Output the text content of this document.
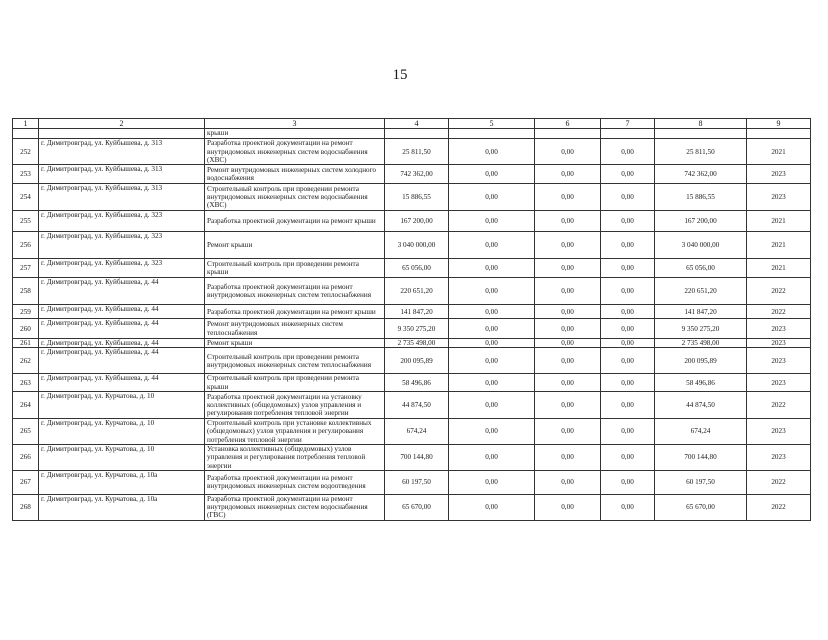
15
1	2	3	4	5	6	7	8	9
		крыши						
252	г. Димитровград, ул. Куйбышева, д. 313	Разработка проектной документации на ремонт внутридомовых инженерных систем водоснабжения (ХВС)	25 811,50	0,00	0,00	0,00	25 811,50	2021
253	г. Димитровград, ул. Куйбышева, д. 313	Ремонт внутридомовых инженерных систем холодного водоснабжения	742 362,00	0,00	0,00	0,00	742 362,00	2023
254	г. Димитровград, ул. Куйбышева, д. 313	Строительный контроль при проведении ремонта внутридомовых инженерных систем водоснабжения (ХВС)	15 886,55	0,00	0,00	0,00	15 886,55	2023
255	г. Димитровград, ул. Куйбышева, д. 323	Разработка проектной документации на ремонт крыши	167 200,00	0,00	0,00	0,00	167 200,00	2021
256	г. Димитровград, ул. Куйбышева, д. 323	Ремонт крыши	3 040 000,00	0,00	0,00	0,00	3 040 000,00	2021
257	г. Димитровград, ул. Куйбышева, д. 323	Строительный контроль при проведении ремонта крыши	65 056,00	0,00	0,00	0,00	65 056,00	2021
258	г. Димитровград, ул. Куйбышева, д. 44	Разработка проектной документации на ремонт внутридомовых инженерных систем теплоснабжения	220 651,20	0,00	0,00	0,00	220 651,20	2022
259	г. Димитровград, ул. Куйбышева, д. 44	Разработка проектной документации на ремонт крыши	141 847,20	0,00	0,00	0,00	141 847,20	2022
260	г. Димитровград, ул. Куйбышева, д. 44	Ремонт внутридомовых инженерных систем теплоснабжения	9 350 275,20	0,00	0,00	0,00	9 350 275,20	2023
261	г. Димитровград, ул. Куйбышева, д. 44	Ремонт крыши	2 735 498,00	0,00	0,00	0,00	2 735 498,00	2023
262	г. Димитровград, ул. Куйбышева, д. 44	Строительный контроль при проведении ремонта внутридомовых инженерных систем теплоснабжения	200 095,89	0,00	0,00	0,00	200 095,89	2023
263	г. Димитровград, ул. Куйбышева, д. 44	Строительный контроль при проведении ремонта крыши	58 496,86	0,00	0,00	0,00	58 496,86	2023
264	г. Димитровград, ул. Курчатова, д. 10	Разработка проектной документации на установку коллективных (общедомовых) узлов управления и регулирования потребления тепловой энергии	44 874,50	0,00	0,00	0,00	44 874,50	2022
265	г. Димитровград, ул. Курчатова, д. 10	Строительный контроль при установке коллективных (общедомовых) узлов управления и регулирования потребления тепловой энергии	674,24	0,00	0,00	0,00	674,24	2023
266	г. Димитровград, ул. Курчатова, д. 10	Установка коллективных (общедомовых) узлов управления и регулирования потребления тепловой энергии	700 144,80	0,00	0,00	0,00	700 144,80	2023
267	г. Димитровград, ул. Курчатова, д. 10а	Разработка проектной документации на ремонт внутридомовых инженерных систем водоотведения	60 197,50	0,00	0,00	0,00	60 197,50	2022
268	г. Димитровград, ул. Курчатова, д. 10а	Разработка проектной документации на ремонт внутридомовых инженерных систем водоснабжения (ГВС)	65 670,00	0,00	0,00	0,00	65 670,00	2022
